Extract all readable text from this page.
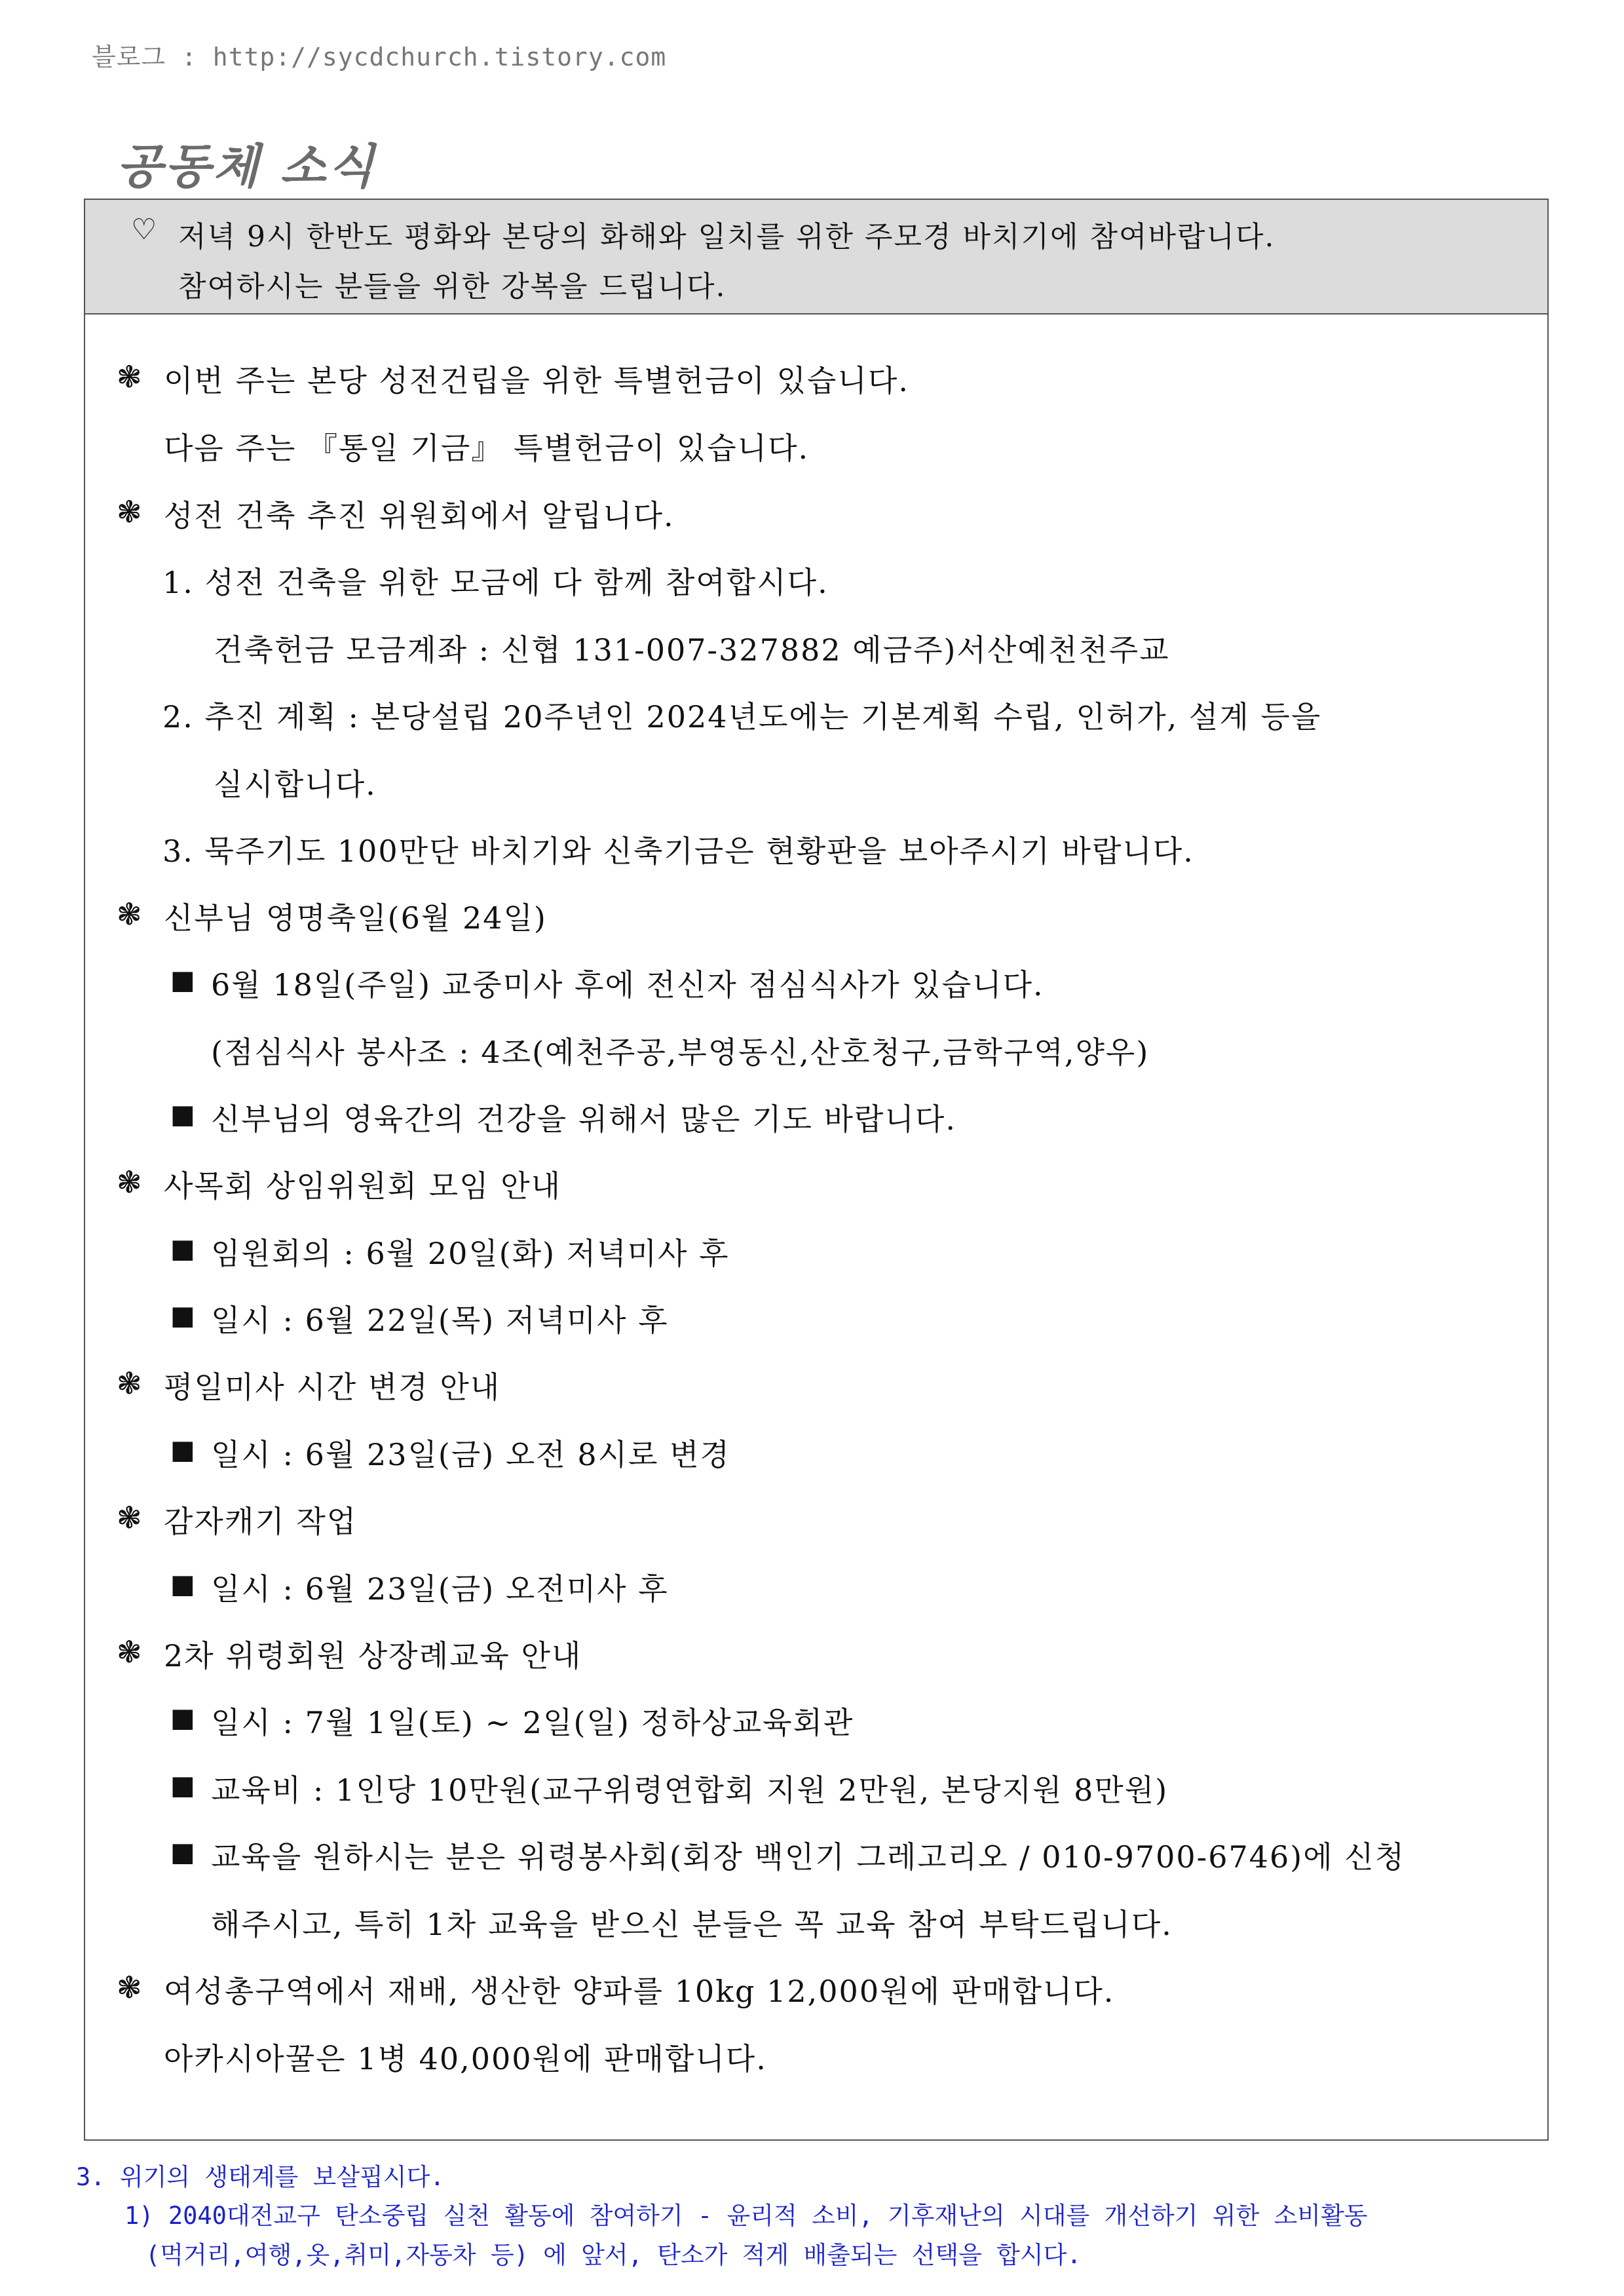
블로그 : http://sycdchurch.tistory.com
공동체 소식
♡ 저녁 9시 한반도 평화와 본당의 화해와 일치를 위한 주모경 바치기에 참여바랍니다.
참여하시는 분들을 위한 강복을 드립니다.
❃ 이번 주는 본당 성전건립을 위한 특별헌금이 있습니다.
다음 주는 『통일 기금』 특별헌금이 있습니다.
❃ 성전 건축 추진 위원회에서 알립니다.
1. 성전 건축을 위한 모금에 다 함께 참여합시다.
건축헌금 모금계좌 : 신협 131-007-327882 예금주)서산예천천주교
2. 추진 계획 : 본당설립 20주년인 2024년도에는 기본계획 수립, 인허가, 설계 등을
실시합니다.
3. 묵주기도 100만단 바치기와 신축기금은 현황판을 보아주시기 바랍니다.
❃ 신부님 영명축일(6월 24일)
■ 6월 18일(주일) 교중미사 후에 전신자 점심식사가 있습니다.
(점심식사 봉사조 : 4조(예천주공,부영동신,산호청구,금학구역,양우)
■ 신부님의 영육간의 건강을 위해서 많은 기도 바랍니다.
❃ 사목회 상임위원회 모임 안내
■ 임원회의 : 6월 20일(화) 저녁미사 후
■ 일시 : 6월 22일(목) 저녁미사 후
❃ 평일미사 시간 변경 안내
■ 일시 : 6월 23일(금) 오전 8시로 변경
❃ 감자캐기 작업
■ 일시 : 6월 23일(금) 오전미사 후
❃ 2차 위령회원 상장례교육 안내
■ 일시 : 7월 1일(토) ~ 2일(일) 정하상교육회관
■ 교육비 : 1인당 10만원(교구위령연합회 지원 2만원, 본당지원 8만원)
■ 교육을 원하시는 분은 위령봉사회(회장 백인기 그레고리오 / 010-9700-6746)에 신청
해주시고, 특히 1차 교육을 받으신 분들은 꼭 교육 참여 부탁드립니다.
❃ 여성총구역에서 재배, 생산한 양파를 10kg 12,000원에 판매합니다.
아카시아꿀은 1병 40,000원에 판매합니다.
3. 위기의 생태계를 보살핍시다.
1) 2040대전교구 탄소중립 실천 활동에 참여하기 - 윤리적 소비, 기후재난의 시대를 개선하기 위한 소비활동
(먹거리,여행,옷,취미,자동차 등) 에 앞서, 탄소가 적게 배출되는 선택을 합시다.
